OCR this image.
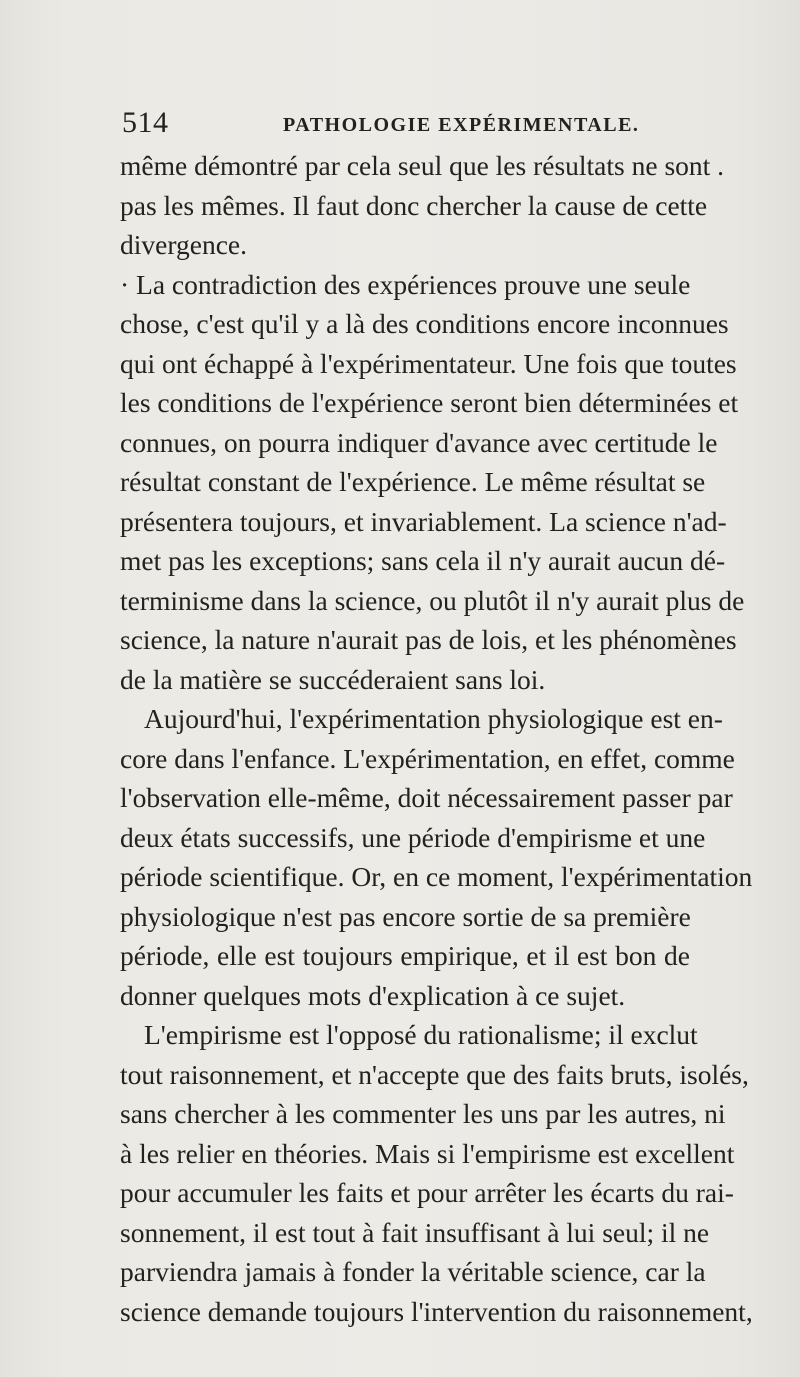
514	PATHOLOGIE EXPÉRIMENTALE.
même démontré par cela seul que les résultats ne sont .
pas les mêmes. Il faut donc chercher la cause de cette
divergence.
· La contradiction des expériences prouve une seule
chose, c'est qu'il y a là des conditions encore inconnues
qui ont échappé à l'expérimentateur. Une fois que toutes
les conditions de l'expérience seront bien déterminées et
connues, on pourra indiquer d'avance avec certitude le
résultat constant de l'expérience. Le même résultat se
présentera toujours, et invariablement. La science n'ad-
met pas les exceptions; sans cela il n'y aurait aucun dé-
terminisme dans la science, ou plutôt il n'y aurait plus de
science, la nature n'aurait pas de lois, et les phénomènes
de la matière se succéderaient sans loi.
Aujourd'hui, l'expérimentation physiologique est en-
core dans l'enfance. L'expérimentation, en effet, comme
l'observation elle-même, doit nécessairement passer par
deux états successifs, une période d'empirisme et une
période scientifique. Or, en ce moment, l'expérimentation
physiologique n'est pas encore sortie de sa première
période, elle est toujours empirique, et il est bon de
donner quelques mots d'explication à ce sujet.
L'empirisme est l'opposé du rationalisme; il exclut
tout raisonnement, et n'accepte que des faits bruts, isolés,
sans chercher à les commenter les uns par les autres, ni
à les relier en théories. Mais si l'empirisme est excellent
pour accumuler les faits et pour arrêter les écarts du rai-
sonnement, il est tout à fait insuffisant à lui seul; il ne
parviendra jamais à fonder la véritable science, car la
science demande toujours l'intervention du raisonnement,
